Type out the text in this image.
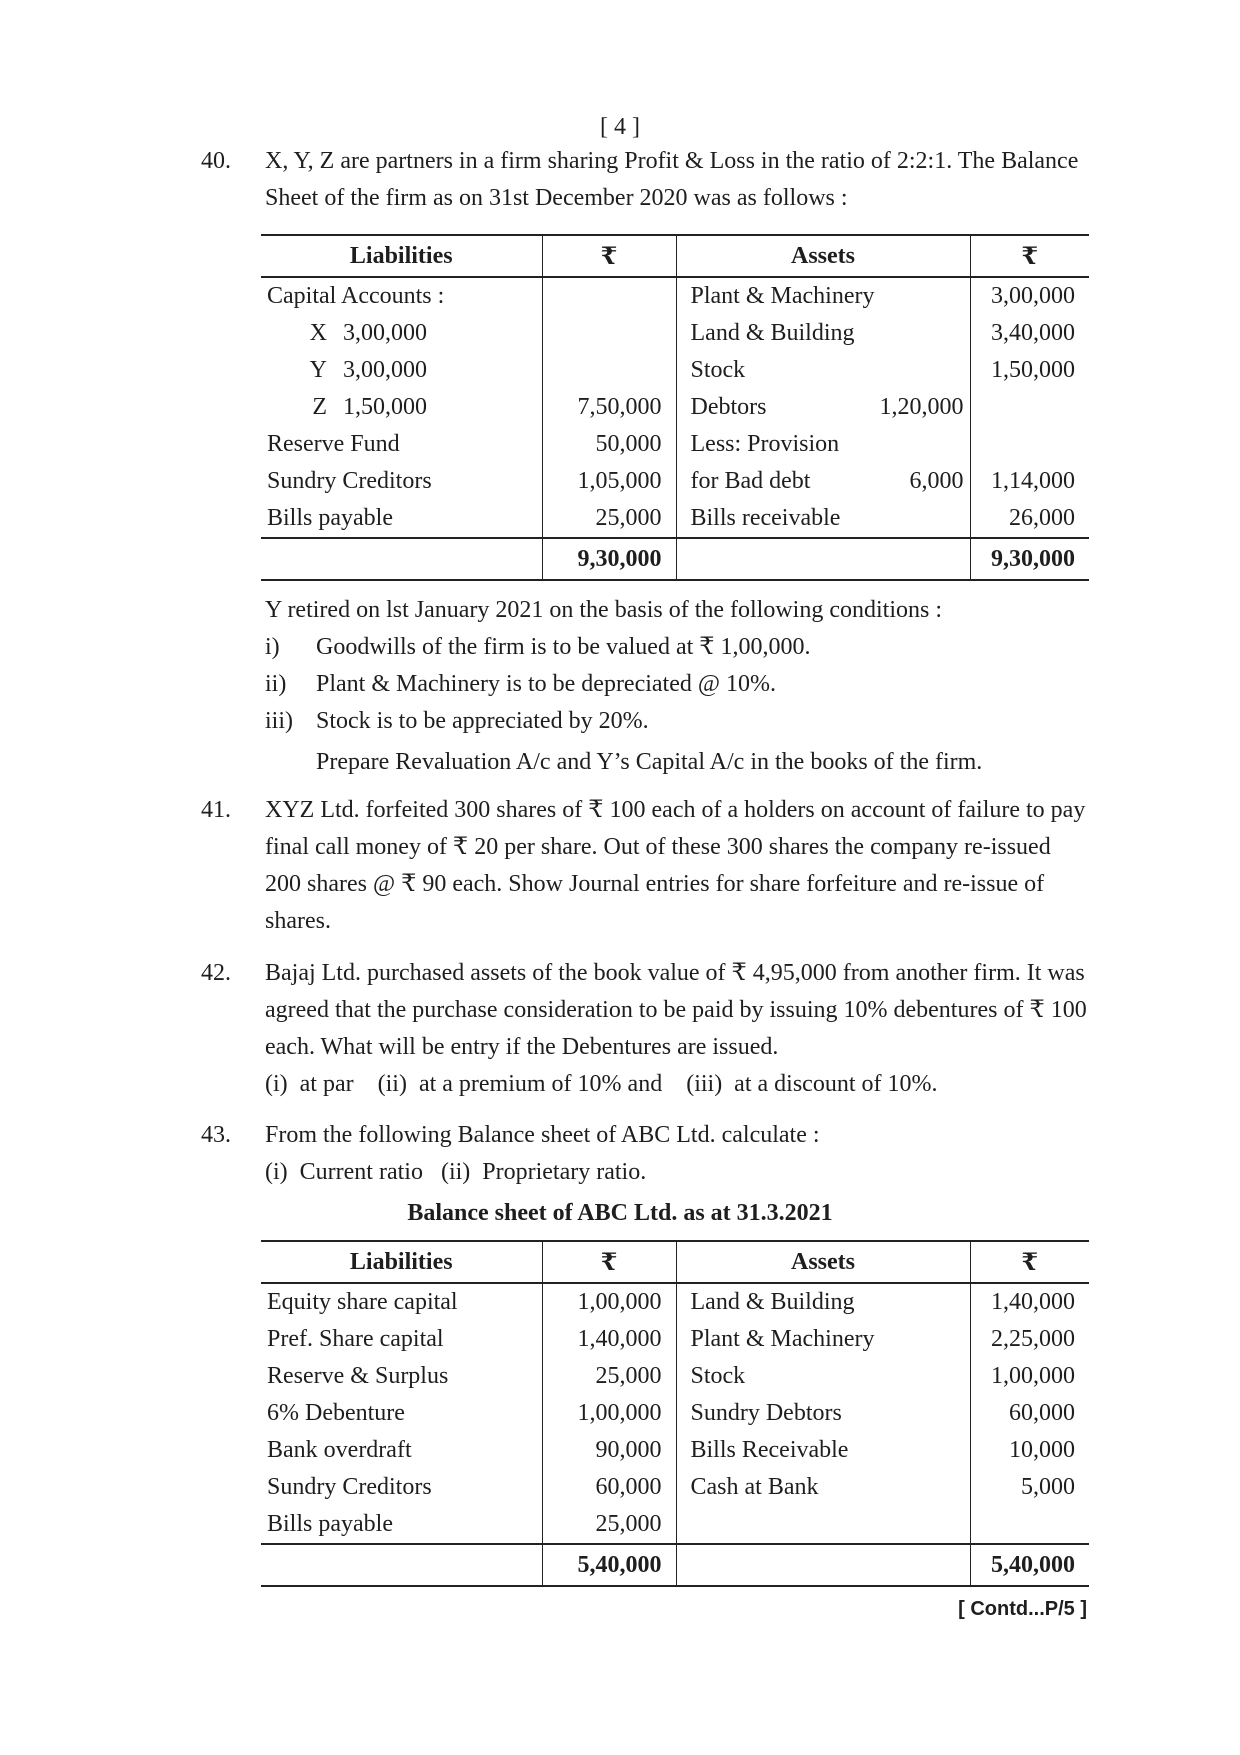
[ 4 ]
40.	X, Y, Z are partners in a firm sharing Profit & Loss in the ratio of 2:2:1. The Balance
Sheet of the firm as on 31st December 2020 was as follows :
Liabilities	₹	Assets	₹
Capital Accounts :		Plant & Machinery	3,00,000
X 3,00,000		Land & Building	3,40,000
Y 3,00,000		Stock	1,50,000
Z 1,50,000	7,50,000	Debtors 1,20,000	

Reserve Fund	50,000	Less: Provision	
Sundry Creditors	1,05,000	for Bad debt 6,000	1,14,000
Bills payable	25,000	Bills receivable	26,000
	9,30,000		9,30,000
Y retired on lst January 2021 on the basis of the following conditions :
i) Goodwills of the firm is to be valued at ₹ 1,00,000.
ii) Plant & Machinery is to be depreciated @ 10%.
iii) Stock is to be appreciated by 20%.
Prepare Revaluation A/c and Y’s Capital A/c in the books of the firm.
41.	XYZ Ltd. forfeited 300 shares of ₹ 100 each of a holders on account of failure to pay
final call money of ₹ 20 per share. Out of these 300 shares the company re-issued
200 shares @ ₹ 90 each. Show Journal entries for share forfeiture and re-issue of
shares.
42.	Bajaj Ltd. purchased assets of the book value of ₹ 4,95,000 from another firm. It was
agreed that the purchase consideration to be paid by issuing 10% debentures of ₹ 100
each. What will be entry if the Debentures are issued.
(i)  at par    (ii)  at a premium of 10% and    (iii)  at a discount of 10%.
43.	From the following Balance sheet of ABC Ltd. calculate :
(i)  Current ratio   (ii)  Proprietary ratio.
Balance sheet of ABC Ltd. as at 31.3.2021
Liabilities	₹	Assets	₹
Equity share capital	1,00,000	Land & Building	1,40,000
Pref. Share capital	1,40,000	Plant & Machinery	2,25,000
Reserve & Surplus	25,000	Stock	1,00,000
6% Debenture	1,00,000	Sundry Debtors	60,000
Bank overdraft	90,000	Bills Receivable	10,000
Sundry Creditors	60,000	Cash at Bank	5,000
Bills payable	25,000		
	5,40,000		5,40,000
[ Contd...P/5 ]
